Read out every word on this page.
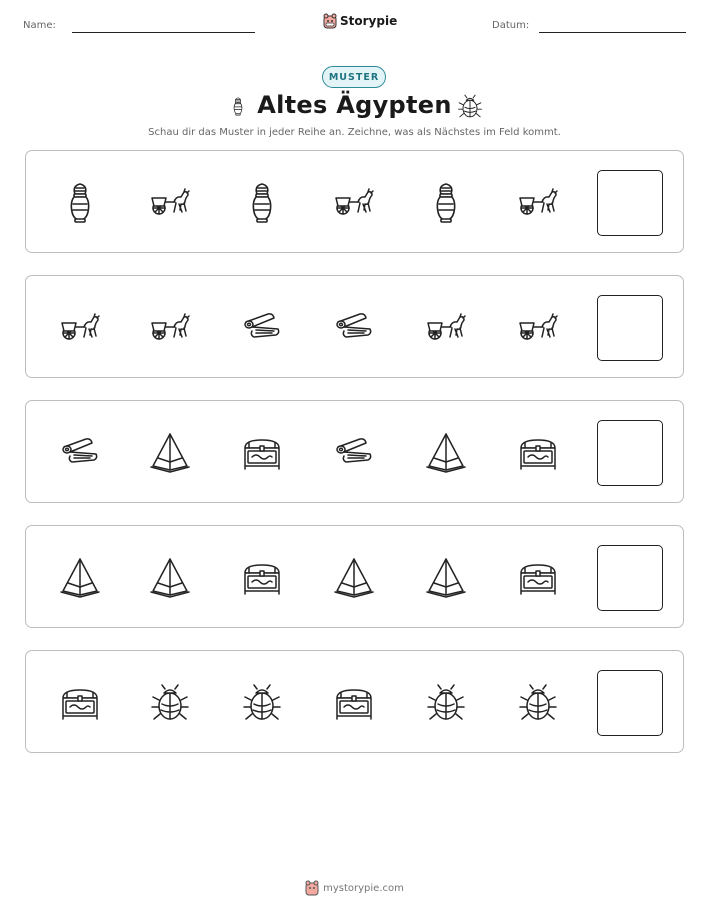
Name:	Storypie	Datum:
MUSTER
Altes Ägypten
Schau dir das Muster in jeder Reihe an. Zeichne, was als Nächstes im Feld kommt.
mystorypie.com
